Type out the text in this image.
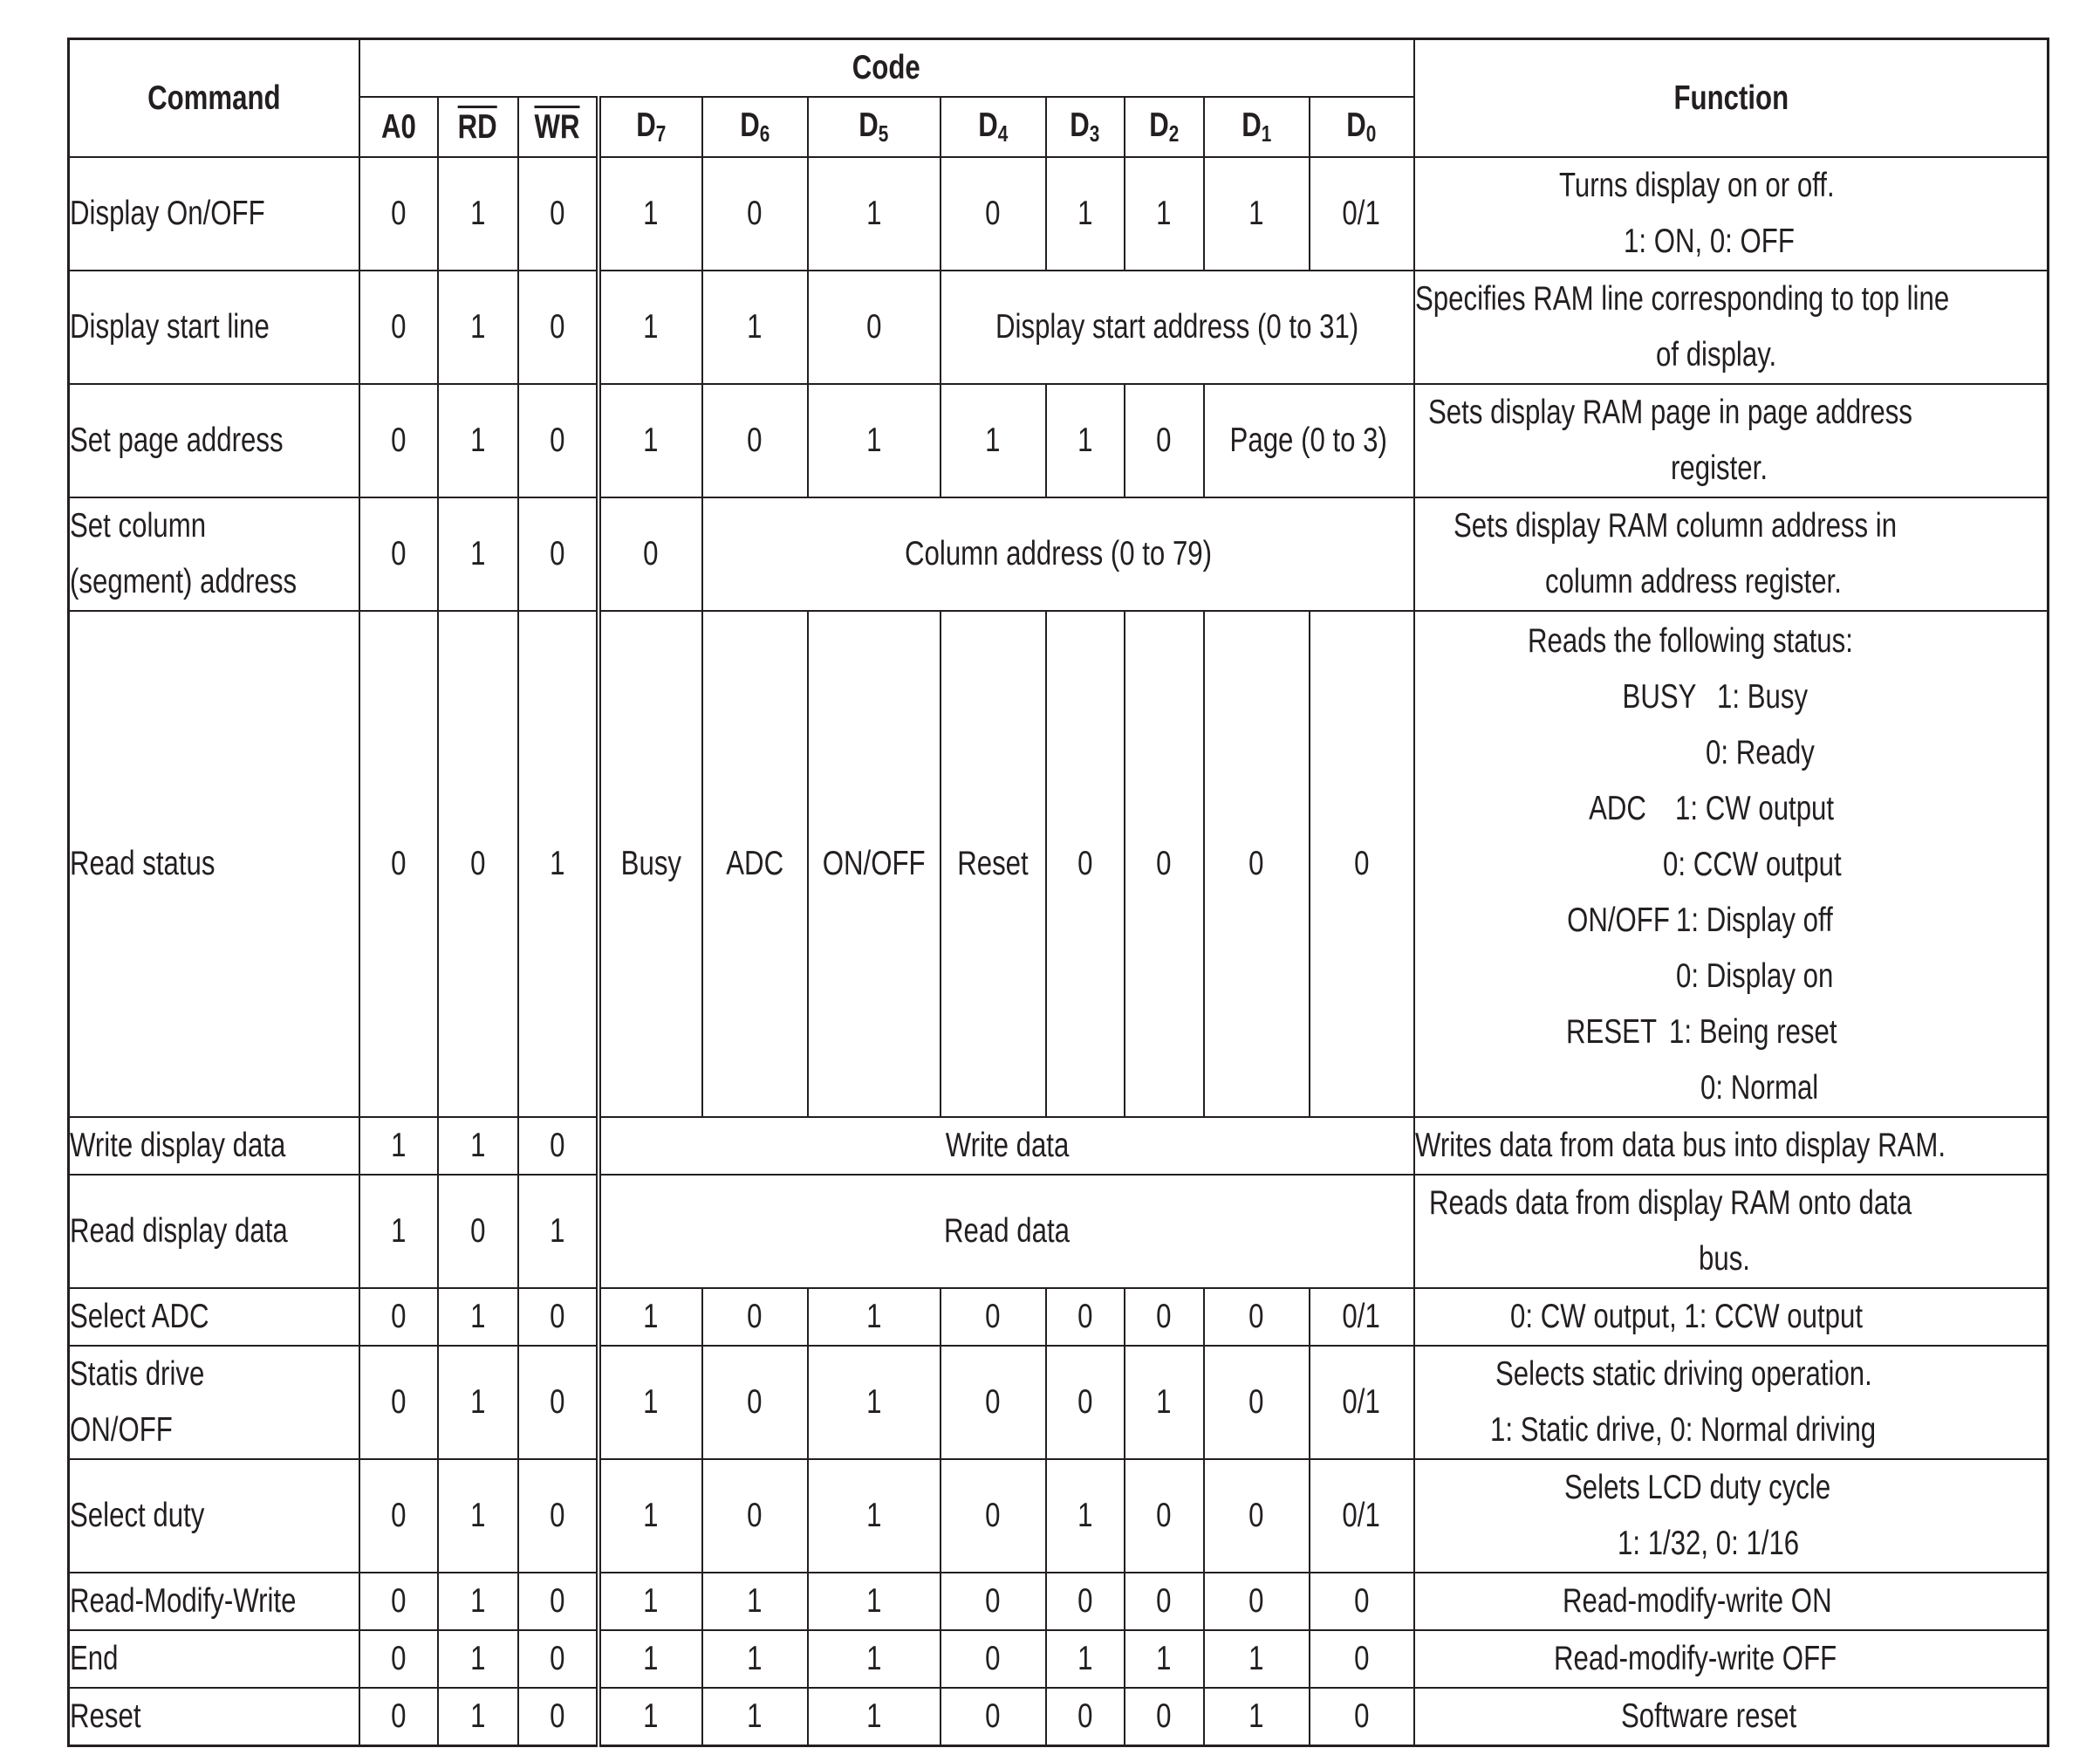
Command	Code											Function
	A0	$\overline{RD}$	$\overline{WR}$	$D_7$	$D_6$	$D_5$	$D_4$	$D_3$	$D_2$	$D_1$	$D_0$

Display On/OFF	0	1	0	1	0	1	0	1	1	1	0/1	Turns display on or off.
1: ON, 0: OFF

Display start line	0	1	0	1	1	0	Display start address (0 to 31)					Specifies RAM line corresponding to top line
of display.

Set page address	0	1	0	1	0	1	1	1	0	Page (0 to 3)		Sets display RAM page in page address
register.

Set column
(segment) address	0	1	0	0	Column address (0 to 79)							Sets display RAM column address in
column address register.

Read status	0	0	1	Busy	ADC	ON/OFF	Reset	0	0	0	0	
Reads the following status:
BUSY 1: Busy
0: Ready
ADC 1: CW output
0: CCW output
ON/OFF 1: Display off
0: Display on
RESET 1: Being reset
0: Normal

Write display data	1	1	0	Write data								Writes data from data bus into display RAM.

Read display data	1	0	1	Read data								Reads data from display RAM onto data
bus.

Select ADC	0	1	0	1	0	1	0	0	0	0	0/1	0: CW output, 1: CCW output

Statis drive
ON/OFF	0	1	0	1	0	1	0	0	1	0	0/1	Selects static driving operation.
1: Static drive, 0: Normal driving

Select duty	0	1	0	1	0	1	0	1	0	0	0/1	Selets LCD duty cycle
1: 1/32, 0: 1/16

Read-Modify-Write	0	1	0	1	1	1	0	0	0	0	0	Read-modify-write ON

End	0	1	0	1	1	1	0	1	1	1	0	Read-modify-write OFF

Reset	0	1	0	1	1	1	0	0	0	1	0	Software reset
